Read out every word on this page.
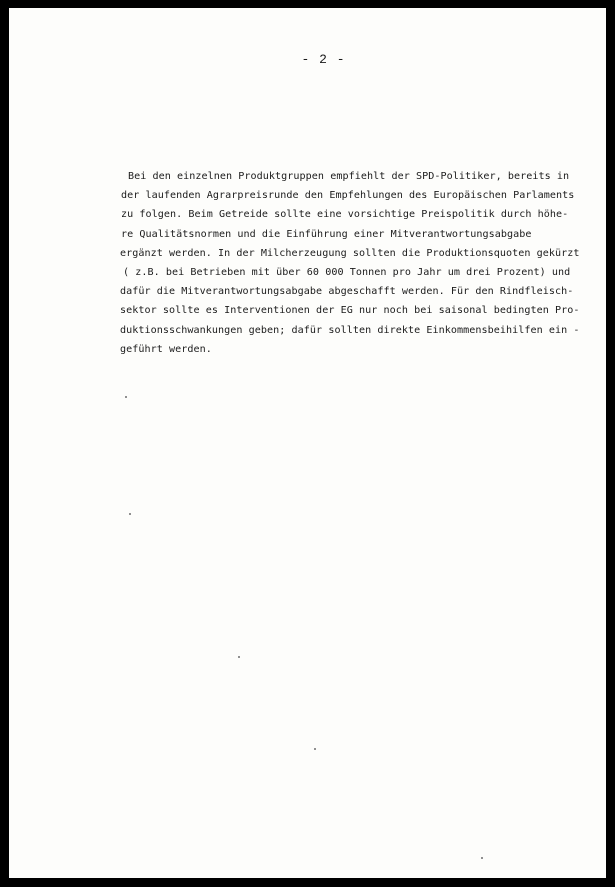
- 2 -
Bei den einzelnen Produktgruppen empfiehlt der SPD-Politiker, bereits in
der laufenden Agrarpreisrunde den Empfehlungen des Europäischen Parlaments
zu folgen. Beim Getreide sollte eine vorsichtige Preispolitik durch höhe-
re Qualitätsnormen und die Einführung einer Mitverantwortungsabgabe
ergänzt werden. In der Milcherzeugung sollten die Produktionsquoten gekürzt
( z.B. bei Betrieben mit über 60 000 Tonnen pro Jahr um drei Prozent) und
dafür die Mitverantwortungsabgabe abgeschafft werden. Für den Rindfleisch-
sektor sollte es Interventionen der EG nur noch bei saisonal bedingten Pro-
duktionsschwankungen geben; dafür sollten direkte Einkommensbeihilfen ein -
geführt werden.
